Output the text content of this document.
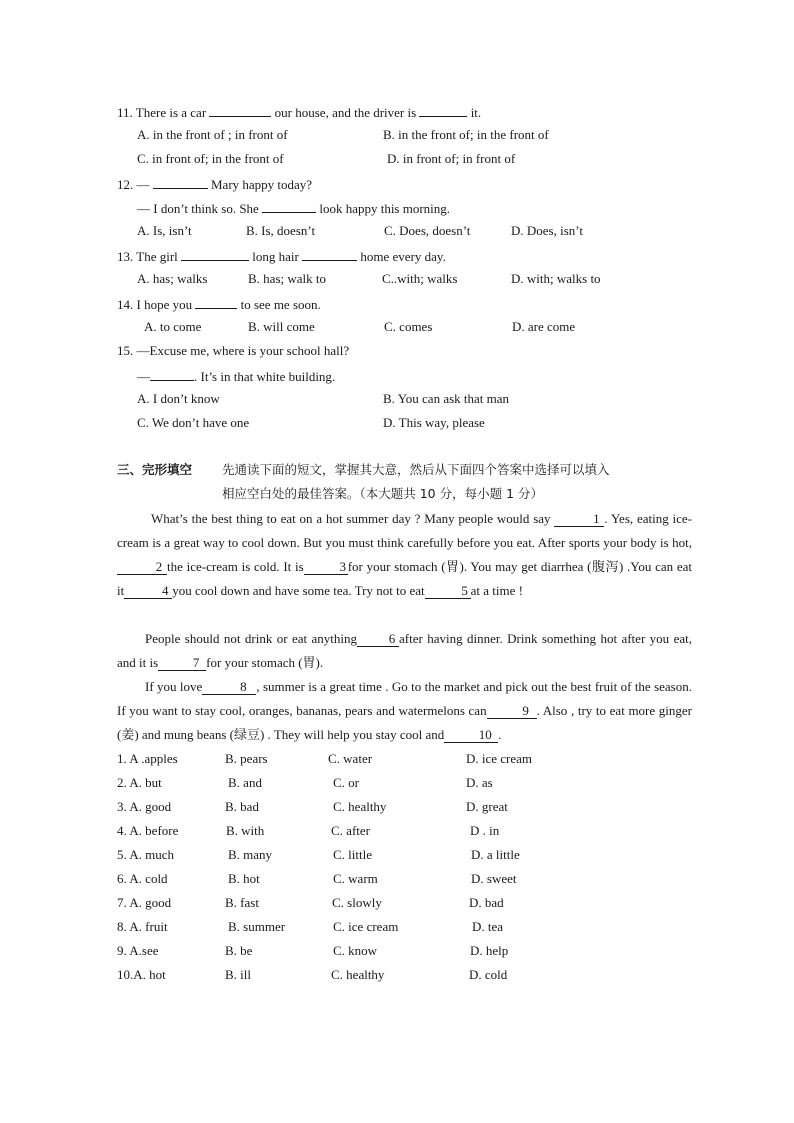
11. There is a car	our house, and the driver is	it.
A. in the front of ; in front of	B. in the front of; in the front of
C. in front of; in the front of	D. in front of; in front of
12. —	Mary happy today?
— I don’t think so. She	look happy this morning.
A. Is, isn’t	B. Is, doesn’t	C. Does, doesn’t	D. Does, isn’t
13. The girl	long hair	home every day.
A. has; walks	B. has; walk to	C..with; walks	D. with; walks to
14. I hope you	to see me soon.
A. to come	B. will come	C. comes	D. are come
15. —Excuse me, where is your school hall?
—	. It’s in that white building.
A. I don’t know	B. You can ask that man
C. We don’t have one	D. This way, please
三、完形填空 先通读下面的短文，掌握其大意，然后从下面四个答案中选择可以填入
相应空白处的最佳答案。（本大题共 10 分，每小题 1 分）
What’s the best thing to eat on a hot summer day ? Many people would say	1 . Yes, eating ice-cream is a great way to cool down. But you must think carefully before you eat. After sports your body is hot, 2 the ice-cream is cold. It is	3 for your stomach (胃). You may get diarrhea (腹泻) .You can eat it	4 you cool down and have some tea. Try not to eat	5 at a time !
People should not drink or eat anything 6 after having dinner. Drink something hot after you eat, and it is	7 for your stomach (胃).
If you love	8 , summer is a great time . Go to the market and pick out the best fruit of the season. If you want to stay cool, oranges, bananas, pears and watermelons can	9 . Also , try to eat more ginger (姜) and mung beans (绿豆) . They will help you stay cool and	10 .
1. A .apples	B. pears	C. water	D. ice cream
2. A. but	B. and	C. or	D. as
3. A. good	B. bad	C. healthy	D. great
4. A. before	B. with	C. after	D . in
5. A. much	B. many	C. little	D. a little
6. A. cold	B. hot	C. warm	D. sweet
7. A. good	B. fast	C. slowly	D. bad
8. A. fruit	B. summer	C. ice cream	D. tea
9. A.see	B. be	C. know	D. help
10.A. hot	B. ill	C. healthy	D. cold
